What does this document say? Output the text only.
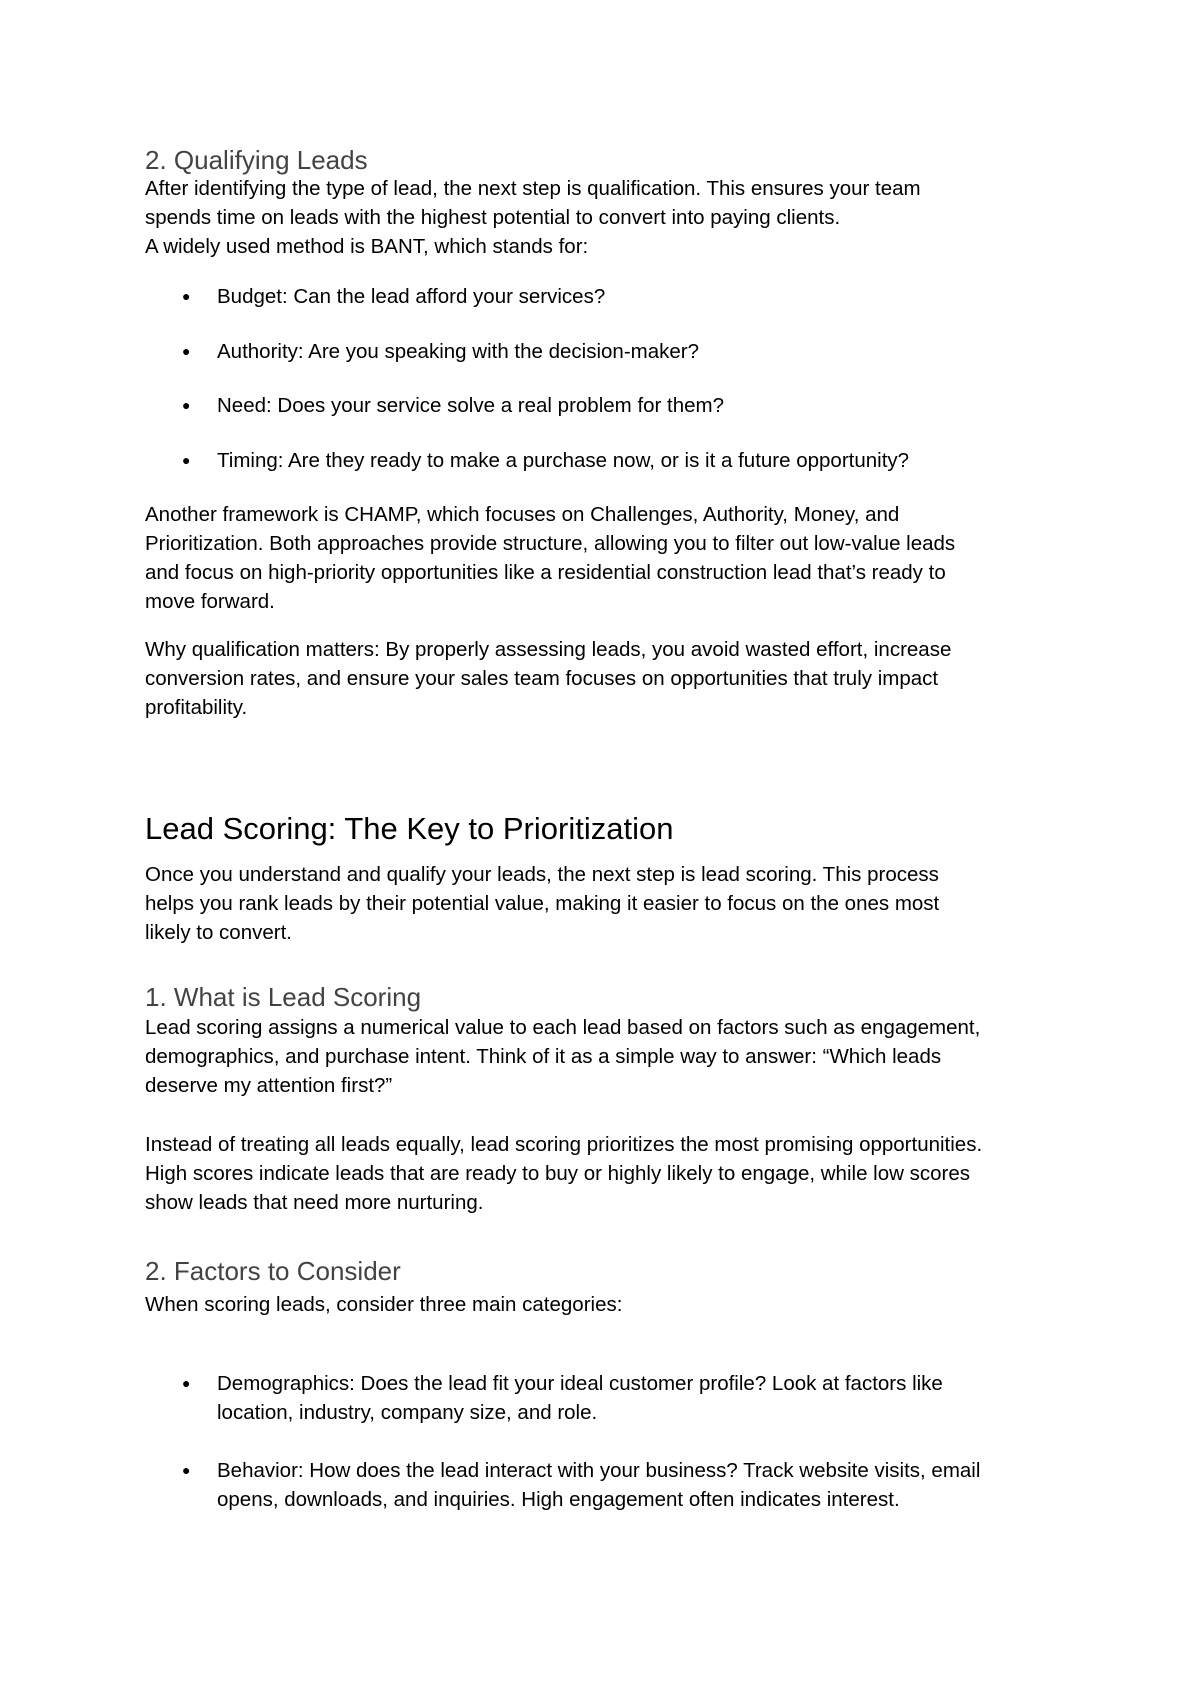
2. Qualifying Leads
After identifying the type of lead, the next step is qualification. This ensures your team
spends time on leads with the highest potential to convert into paying clients.
A widely used method is BANT, which stands for:
● Budget: Can the lead afford your services?
● Authority: Are you speaking with the decision-maker?
● Need: Does your service solve a real problem for them?
● Timing: Are they ready to make a purchase now, or is it a future opportunity?
Another framework is CHAMP, which focuses on Challenges, Authority, Money, and
Prioritization. Both approaches provide structure, allowing you to filter out low-value leads
and focus on high-priority opportunities like a residential construction lead that’s ready to
move forward.
Why qualification matters: By properly assessing leads, you avoid wasted effort, increase
conversion rates, and ensure your sales team focuses on opportunities that truly impact
profitability.
Lead Scoring: The Key to Prioritization
Once you understand and qualify your leads, the next step is lead scoring. This process
helps you rank leads by their potential value, making it easier to focus on the ones most
likely to convert.
1. What is Lead Scoring
Lead scoring assigns a numerical value to each lead based on factors such as engagement,
demographics, and purchase intent. Think of it as a simple way to answer: “Which leads
deserve my attention first?”
Instead of treating all leads equally, lead scoring prioritizes the most promising opportunities.
High scores indicate leads that are ready to buy or highly likely to engage, while low scores
show leads that need more nurturing.
2. Factors to Consider
When scoring leads, consider three main categories:
● Demographics: Does the lead fit your ideal customer profile? Look at factors like
location, industry, company size, and role.
● Behavior: How does the lead interact with your business? Track website visits, email
opens, downloads, and inquiries. High engagement often indicates interest.
